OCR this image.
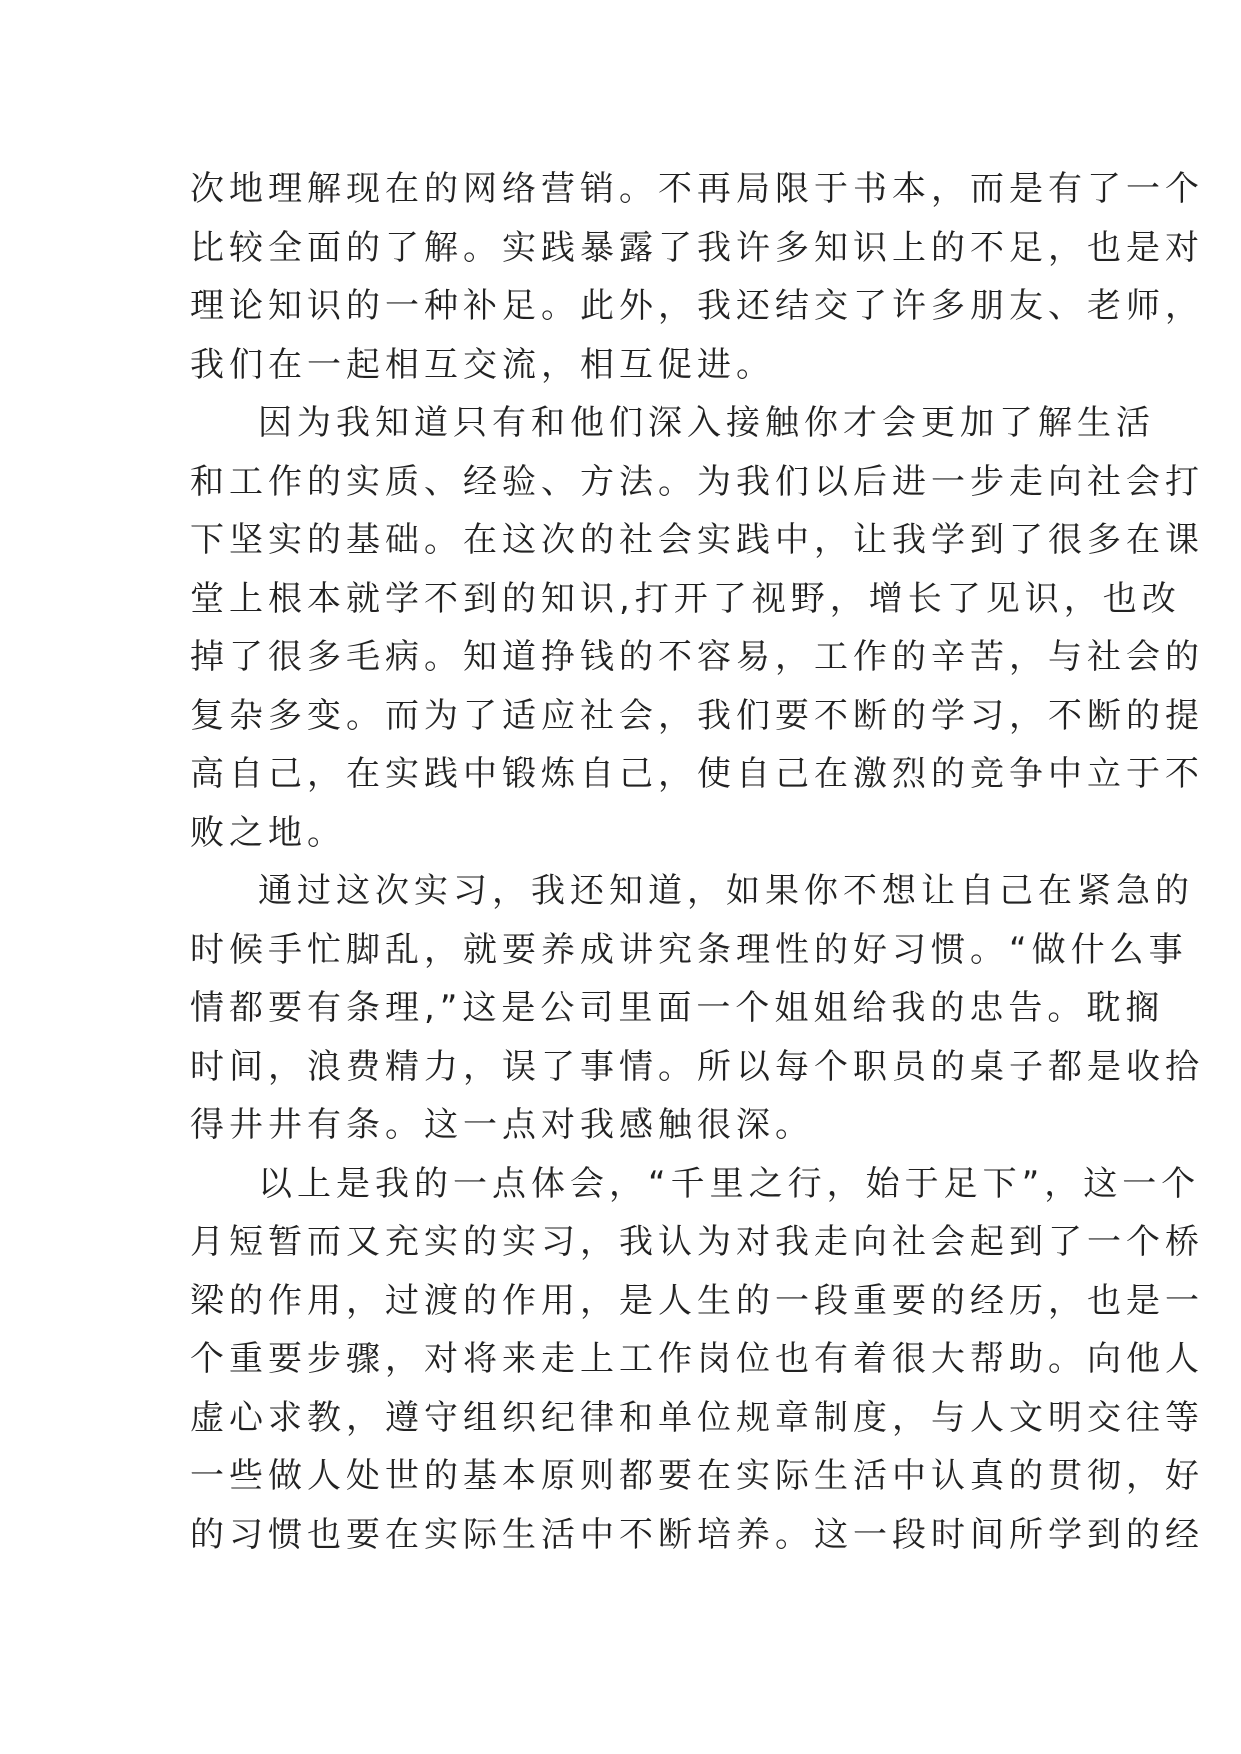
次地理解现在的网络营销。不再局限于书本，而是有了一个
比较全面的了解。实践暴露了我许多知识上的不足，也是对
理论知识的一种补足。此外，我还结交了许多朋友、老师，
我们在一起相互交流，相互促进。
因为我知道只有和他们深入接触你才会更加了解生活
和工作的实质、经验、方法。为我们以后进一步走向社会打
下坚实的基础。在这次的社会实践中，让我学到了很多在课
堂上根本就学不到的知识,打开了视野，增长了见识，也改
掉了很多毛病。知道挣钱的不容易，工作的辛苦，与社会的
复杂多变。而为了适应社会，我们要不断的学习，不断的提
高自己，在实践中锻炼自己，使自己在激烈的竞争中立于不
败之地。
通过这次实习，我还知道，如果你不想让自己在紧急的
时候手忙脚乱，就要养成讲究条理性的好习惯。“做什么事
情都要有条理,”这是公司里面一个姐姐给我的忠告。耽搁
时间，浪费精力，误了事情。所以每个职员的桌子都是收拾
得井井有条。这一点对我感触很深。
以上是我的一点体会，“千里之行，始于足下”，这一个
月短暂而又充实的实习，我认为对我走向社会起到了一个桥
梁的作用，过渡的作用，是人生的一段重要的经历，也是一
个重要步骤，对将来走上工作岗位也有着很大帮助。向他人
虚心求教，遵守组织纪律和单位规章制度，与人文明交往等
一些做人处世的基本原则都要在实际生活中认真的贯彻，好
的习惯也要在实际生活中不断培养。这一段时间所学到的经
